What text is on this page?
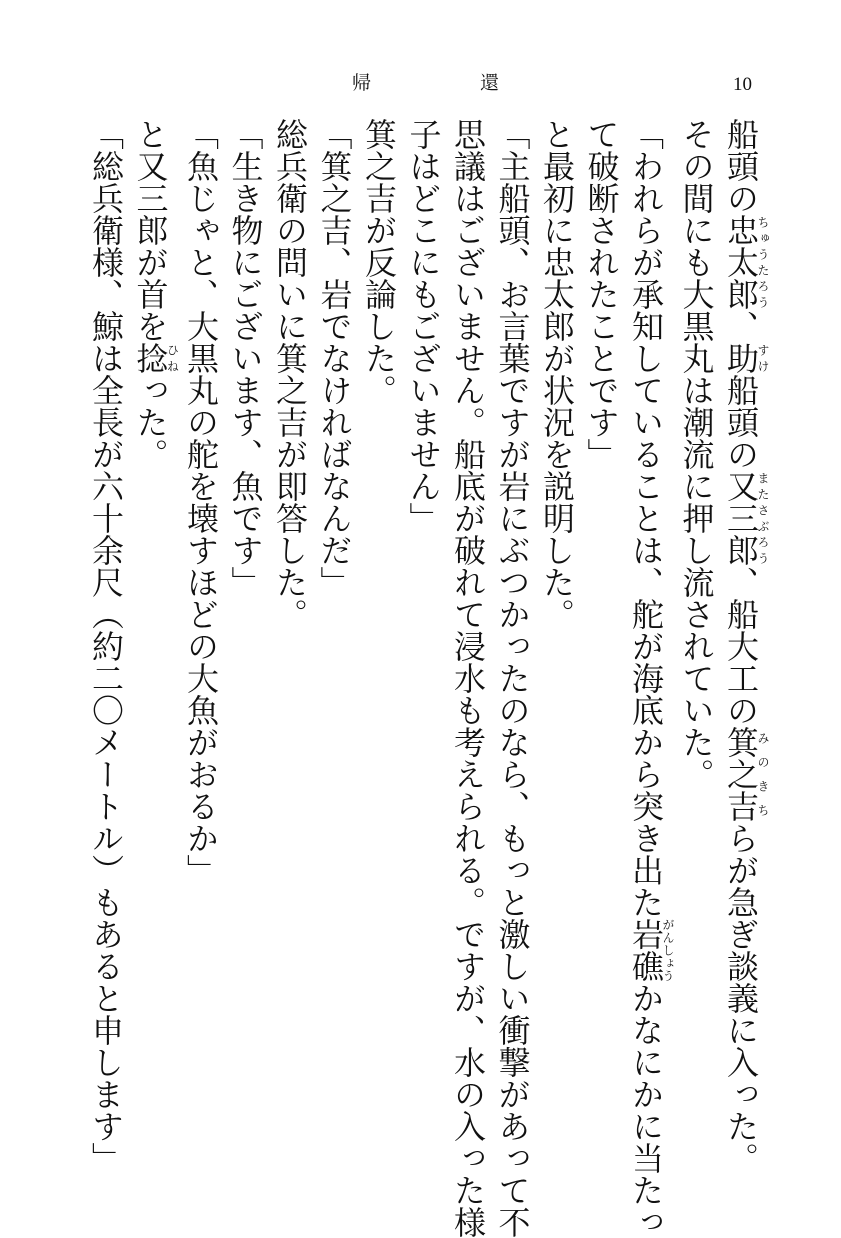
帰	還	10
船頭の忠太郎ちゅうたろう、助すけ船頭の又三郎またさぶろう、船大工の箕之吉みのきちらが急ぎ談義に入った。
その間にも大黒丸は潮流に押し流されていた。
「われらが承知していることは、舵が海底から突き出た岩礁がんしょうかなにかに当たっ
て破断されたことです」
と最初に忠太郎が状況を説明した。
「主船頭、お言葉ですが岩にぶつかったのなら、もっと激しい衝撃があって不
思議はございません。船底が破れて浸水も考えられる。ですが、水の入った様
子はどこにもございません」
箕之吉が反論した。
「箕之吉、岩でなければなんだ」
総兵衛の問いに箕之吉が即答した。
「生き物にございます、魚です」
「魚じゃと、大黒丸の舵を壊すほどの大魚がおるか」
と又三郎が首を捻ひねった。
「総兵衛様、鯨は全長が六十余尺（約二〇メートル）もあると申します」
